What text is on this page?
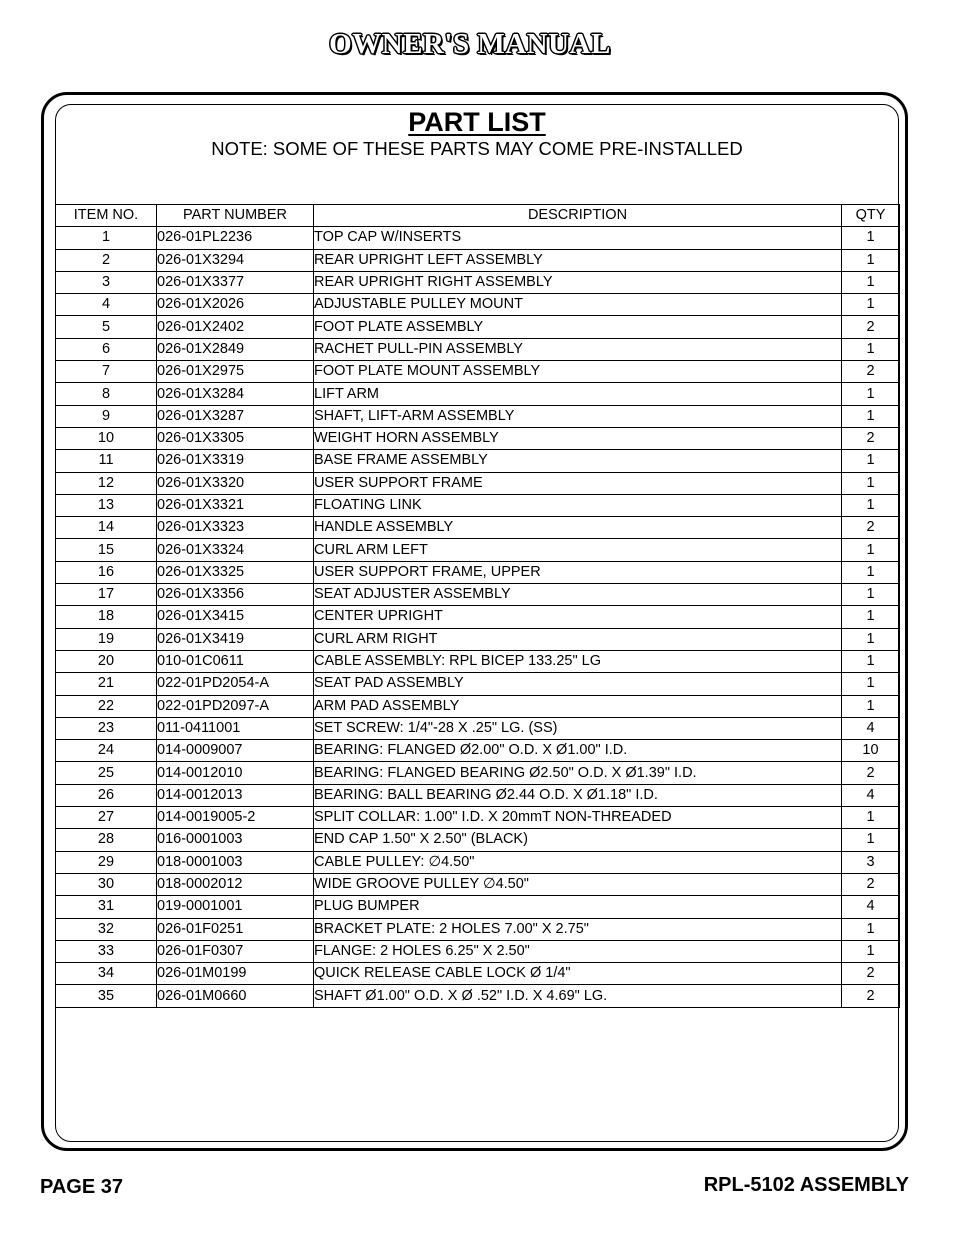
OWNER'S MANUAL
PART LIST
NOTE: SOME OF THESE PARTS MAY COME PRE-INSTALLED
ITEM NO.	PART NUMBER	DESCRIPTION	QTY
1	026-01PL2236	TOP CAP W/INSERTS	1
2	026-01X3294	REAR UPRIGHT LEFT ASSEMBLY	1
3	026-01X3377	REAR UPRIGHT RIGHT ASSEMBLY	1
4	026-01X2026	ADJUSTABLE PULLEY MOUNT	1
5	026-01X2402	FOOT PLATE ASSEMBLY	2
6	026-01X2849	RACHET PULL-PIN ASSEMBLY	1
7	026-01X2975	FOOT PLATE MOUNT ASSEMBLY	2
8	026-01X3284	LIFT ARM	1
9	026-01X3287	SHAFT, LIFT-ARM ASSEMBLY	1
10	026-01X3305	WEIGHT HORN ASSEMBLY	2
11	026-01X3319	BASE FRAME ASSEMBLY	1
12	026-01X3320	USER SUPPORT FRAME	1
13	026-01X3321	FLOATING LINK	1
14	026-01X3323	HANDLE ASSEMBLY	2
15	026-01X3324	CURL ARM LEFT	1
16	026-01X3325	USER SUPPORT FRAME, UPPER	1
17	026-01X3356	SEAT ADJUSTER ASSEMBLY	1
18	026-01X3415	CENTER UPRIGHT	1
19	026-01X3419	CURL ARM RIGHT	1
20	010-01C0611	CABLE ASSEMBLY: RPL BICEP 133.25" LG	1
21	022-01PD2054-A	SEAT PAD ASSEMBLY	1
22	022-01PD2097-A	ARM PAD ASSEMBLY	1
23	011-0411001	SET SCREW: 1/4"-28 X .25" LG. (SS)	4
24	014-0009007	BEARING: FLANGED Ø2.00" O.D. X Ø1.00" I.D.	10
25	014-0012010	BEARING: FLANGED BEARING Ø2.50" O.D. X Ø1.39" I.D.	2
26	014-0012013	BEARING: BALL BEARING Ø2.44 O.D. X Ø1.18" I.D.	4
27	014-0019005-2	SPLIT COLLAR: 1.00" I.D. X 20mmT NON-THREADED	1
28	016-0001003	END CAP 1.50" X 2.50" (BLACK)	1
29	018-0001003	CABLE PULLEY: ∅4.50"	3
30	018-0002012	WIDE GROOVE PULLEY ∅4.50"	2
31	019-0001001	PLUG BUMPER	4
32	026-01F0251	BRACKET PLATE: 2 HOLES 7.00" X 2.75"	1
33	026-01F0307	FLANGE: 2 HOLES 6.25" X 2.50"	1
34	026-01M0199	QUICK RELEASE CABLE LOCK Ø 1/4"	2
35	026-01M0660	SHAFT Ø1.00" O.D. X Ø .52" I.D. X 4.69" LG.	2

PAGE 37	RPL-5102 ASSEMBLY
